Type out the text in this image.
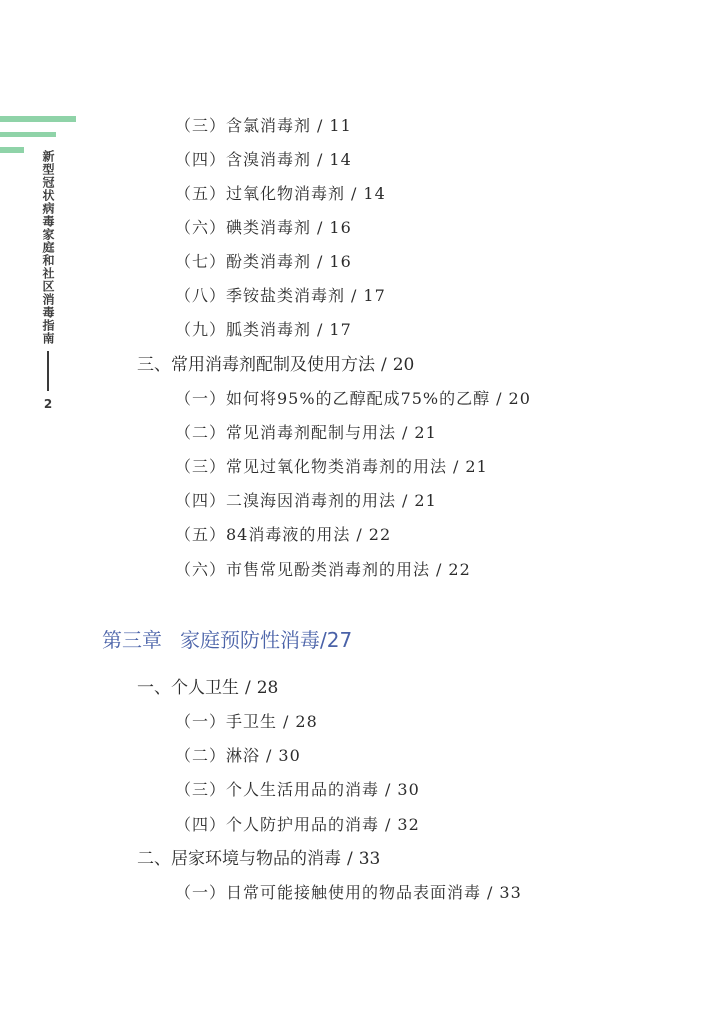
新型冠状病毒家庭和社区消毒指南
2
（三）含氯消毒剂 / 11
（四）含溴消毒剂 / 14
（五）过氧化物消毒剂 / 14
（六）碘类消毒剂 / 16
（七）酚类消毒剂 / 16
（八）季铵盐类消毒剂 / 17
（九）胍类消毒剂 / 17
三、常用消毒剂配制及使用方法 / 20
（一）如何将95%的乙醇配成75%的乙醇 / 20
（二）常见消毒剂配制与用法 / 21
（三）常见过氧化物类消毒剂的用法 / 21
（四）二溴海因消毒剂的用法 / 21
（五）84消毒液的用法 / 22
（六）市售常见酚类消毒剂的用法 / 22
第三章 家庭预防性消毒/27
一、个人卫生 / 28
（一）手卫生 / 28
（二）淋浴 / 30
（三）个人生活用品的消毒 / 30
（四）个人防护用品的消毒 / 32
二、居家环境与物品的消毒 / 33
（一）日常可能接触使用的物品表面消毒 / 33
